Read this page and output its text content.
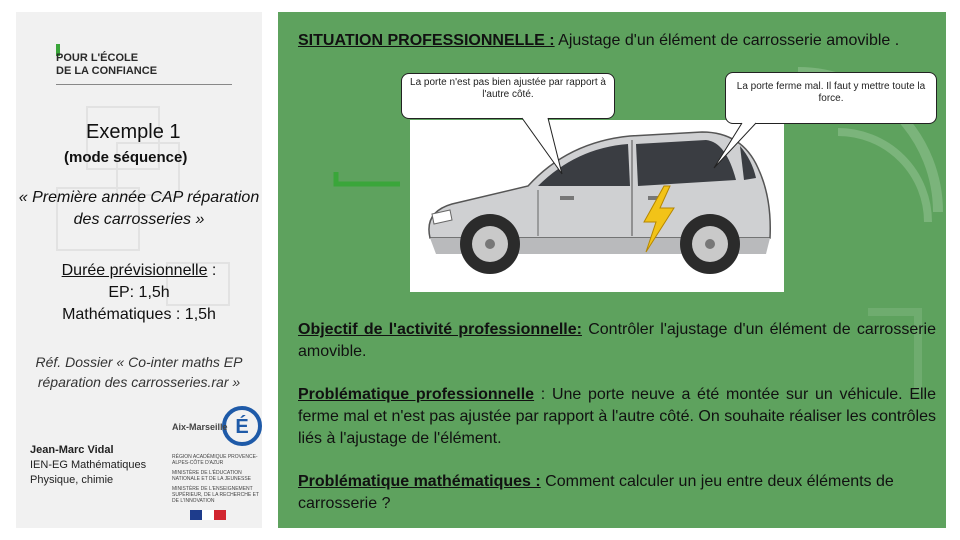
POUR L'ÉCOLE
DE LA CONFIANCE
Exemple 1
(mode séquence)
« Première année CAP réparation des carrosseries »
Durée prévisionnelle :
EP: 1,5h
Mathématiques : 1,5h
Réf. Dossier « Co-inter maths EP réparation des carrosseries.rar »
Jean-Marc Vidal
IEN-EG Mathématiques
Physique, chimie
É
Aix-Marseille
RÉGION ACADÉMIQUE PROVENCE-ALPES-CÔTE D'AZUR
MINISTÈRE DE L'ÉDUCATION NATIONALE ET DE LA JEUNESSE
MINISTÈRE DE L'ENSEIGNEMENT SUPÉRIEUR, DE LA RECHERCHE ET DE L'INNOVATION
SITUATION PROFESSIONNELLE : Ajustage d'un élément de carrosserie amovible .
La porte n'est pas bien ajustée par rapport à l'autre côté.
La porte ferme mal. Il faut y mettre toute la force.
Objectif de l'activité professionnelle: Contrôler l'ajustage d'un élément de carrosserie amovible.
Problématique professionnelle : Une porte neuve a été montée sur un véhicule. Elle ferme mal et n'est pas ajustée par rapport à l'autre côté. On souhaite réaliser les contrôles liés à l'ajustage de l'élément.
Problématique mathématiques : Comment calculer un jeu entre deux éléments de carrosserie ?
